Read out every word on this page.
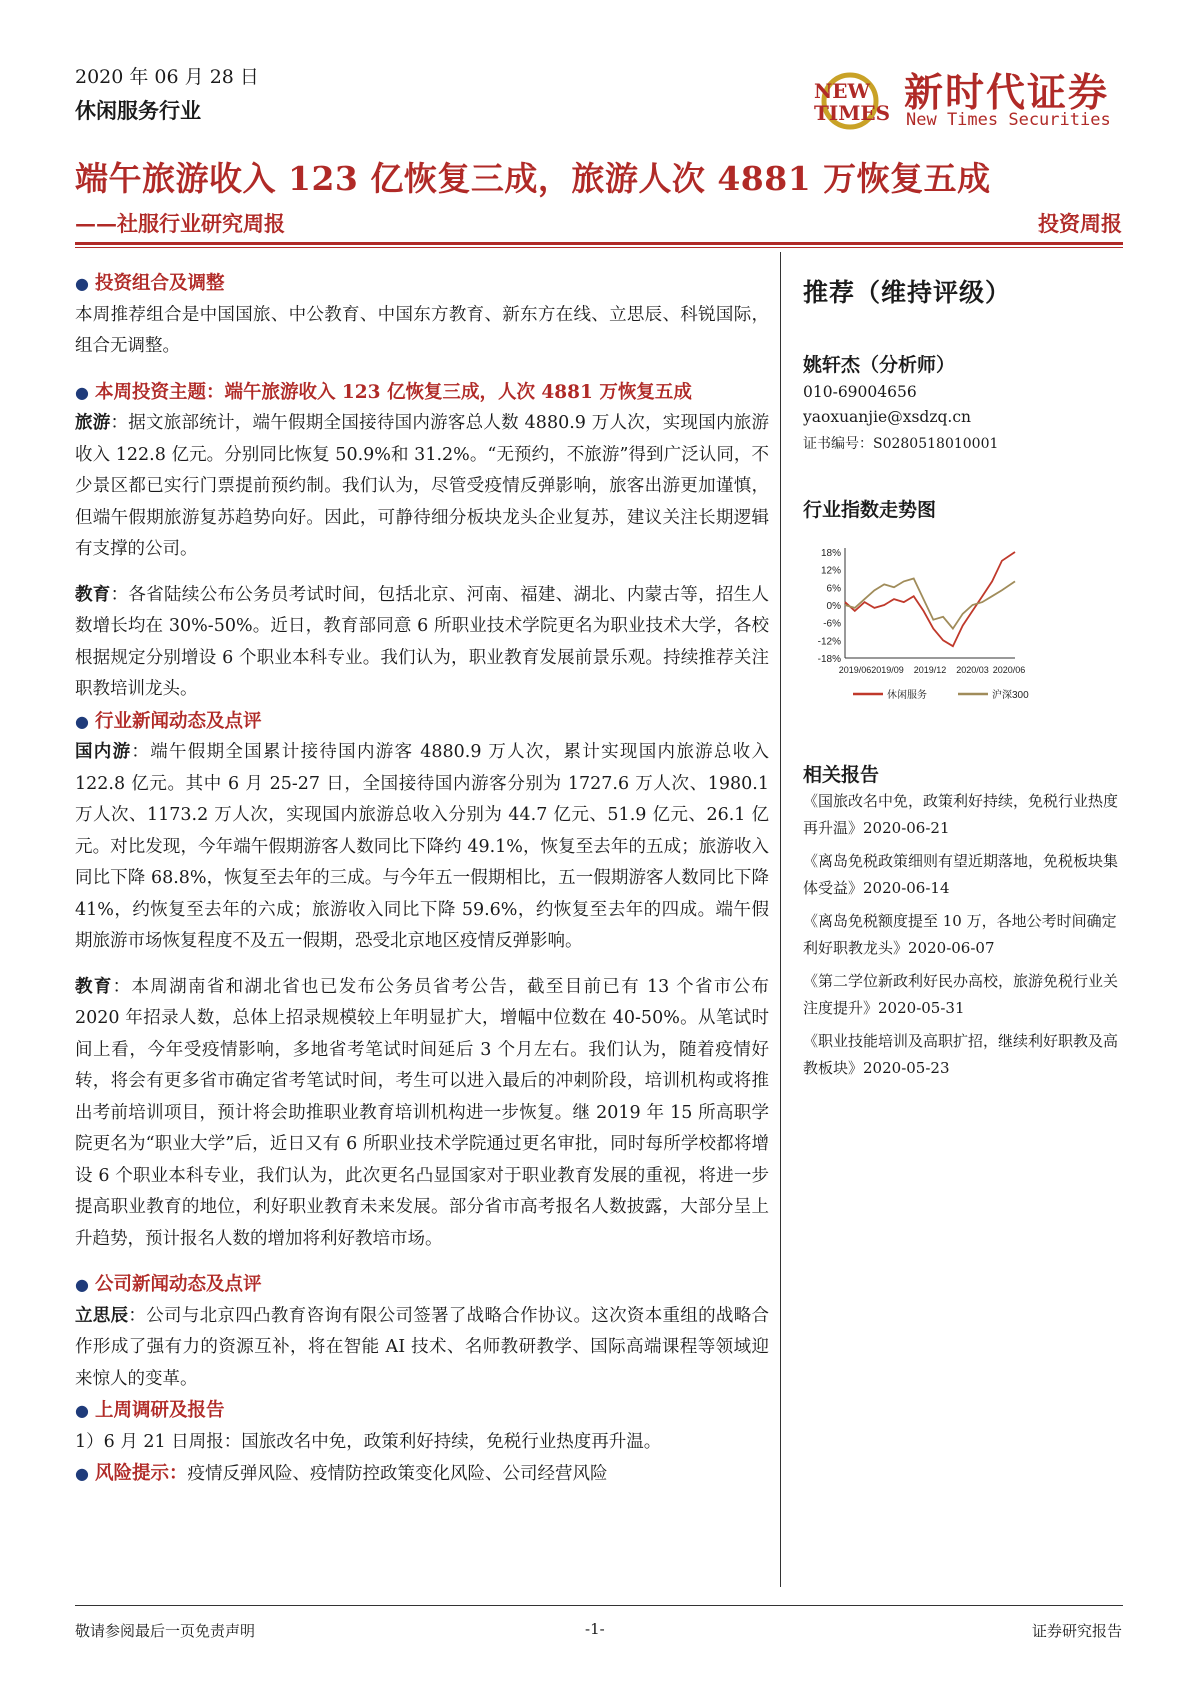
2020 年 06 月 28 日
休闲服务行业
NEW
TIMES 新时代证券
New Times Securities
端午旅游收入 123 亿恢复三成，旅游人次 4881 万恢复五成
——社服行业研究周报	投资周报

● 投资组合及调整

本周推荐组合是中国国旅、中公教育、中国东方教育、新东方在线、立思辰、科锐国际，组合无调整。

● 本周投资主题：端午旅游收入 123 亿恢复三成，人次 4881 万恢复五成

旅游：据文旅部统计，端午假期全国接待国内游客总人数 4880.9 万人次，实现国内旅游收入 122.8 亿元。分别同比恢复 50.9%和 31.2%。“无预约，不旅游”得到广泛认同，不少景区都已实行门票提前预约制。我们认为，尽管受疫情反弹影响，旅客出游更加谨慎，但端午假期旅游复苏趋势向好。因此，可静待细分板块龙头企业复苏，建议关注长期逻辑有支撑的公司。

教育：各省陆续公布公务员考试时间，包括北京、河南、福建、湖北、内蒙古等，招生人数增长均在 30%-50%。近日，教育部同意 6 所职业技术学院更名为职业技术大学，各校根据规定分别增设 6 个职业本科专业。我们认为，职业教育发展前景乐观。持续推荐关注职教培训龙头。

● 行业新闻动态及点评

国内游：端午假期全国累计接待国内游客 4880.9 万人次，累计实现国内旅游总收入 122.8 亿元。其中 6 月 25-27 日，全国接待国内游客分别为 1727.6 万人次、1980.1 万人次、1173.2 万人次，实现国内旅游总收入分别为 44.7 亿元、51.9 亿元、26.1 亿元。对比发现，今年端午假期游客人数同比下降约 49.1%，恢复至去年的五成；旅游收入同比下降 68.8%，恢复至去年的三成。与今年五一假期相比，五一假期游客人数同比下降 41%，约恢复至去年的六成；旅游收入同比下降 59.6%，约恢复至去年的四成。端午假期旅游市场恢复程度不及五一假期，恐受北京地区疫情反弹影响。

教育：本周湖南省和湖北省也已发布公务员省考公告，截至目前已有 13 个省市公布 2020 年招录人数，总体上招录规模较上年明显扩大，增幅中位数在 40-50%。从笔试时间上看，今年受疫情影响，多地省考笔试时间延后 3 个月左右。我们认为，随着疫情好转，将会有更多省市确定省考笔试时间，考生可以进入最后的冲刺阶段，培训机构或将推出考前培训项目，预计将会助推职业教育培训机构进一步恢复。继 2019 年 15 所高职学院更名为“职业大学”后，近日又有 6 所职业技术学院通过更名审批，同时每所学校都将增设 6 个职业本科专业，我们认为，此次更名凸显国家对于职业教育发展的重视，将进一步提高职业教育的地位，利好职业教育未来发展。部分省市高考报名人数披露，大部分呈上升趋势，预计报名人数的增加将利好教培市场。

● 公司新闻动态及点评

立思辰：公司与北京四凸教育咨询有限公司签署了战略合作协议。这次资本重组的战略合作形成了强有力的资源互补，将在智能 AI 技术、名师教研教学、国际高端课程等领域迎来惊人的变革。

● 上周调研及报告

1）6 月 21 日周报：国旅改名中免，政策利好持续，免税行业热度再升温。

● 风险提示：疫情反弹风险、疫情防控政策变化风险、公司经营风险

推荐（维持评级）
姚轩杰（分析师）
010-69004656
yaoxuanjie@xsdzq.cn
证书编号：S0280518010001
行业指数走势图
18%
12%
6%
0%
-6%
-12%
-18%
2019/06 2019/09 2019/12 2020/03 2020/06
休闲服务	沪深300
相关报告

《国旅改名中免，政策利好持续，免税行业热度再升温》2020-06-21

《离岛免税政策细则有望近期落地，免税板块集体受益》2020-06-14

《离岛免税额度提至 10 万，各地公考时间确定利好职教龙头》2020-06-07

《第二学位新政利好民办高校，旅游免税行业关注度提升》2020-05-31

《职业技能培训及高职扩招，继续利好职教及高教板块》2020-05-23

敬请参阅最后一页免责声明	-1-	证券研究报告
